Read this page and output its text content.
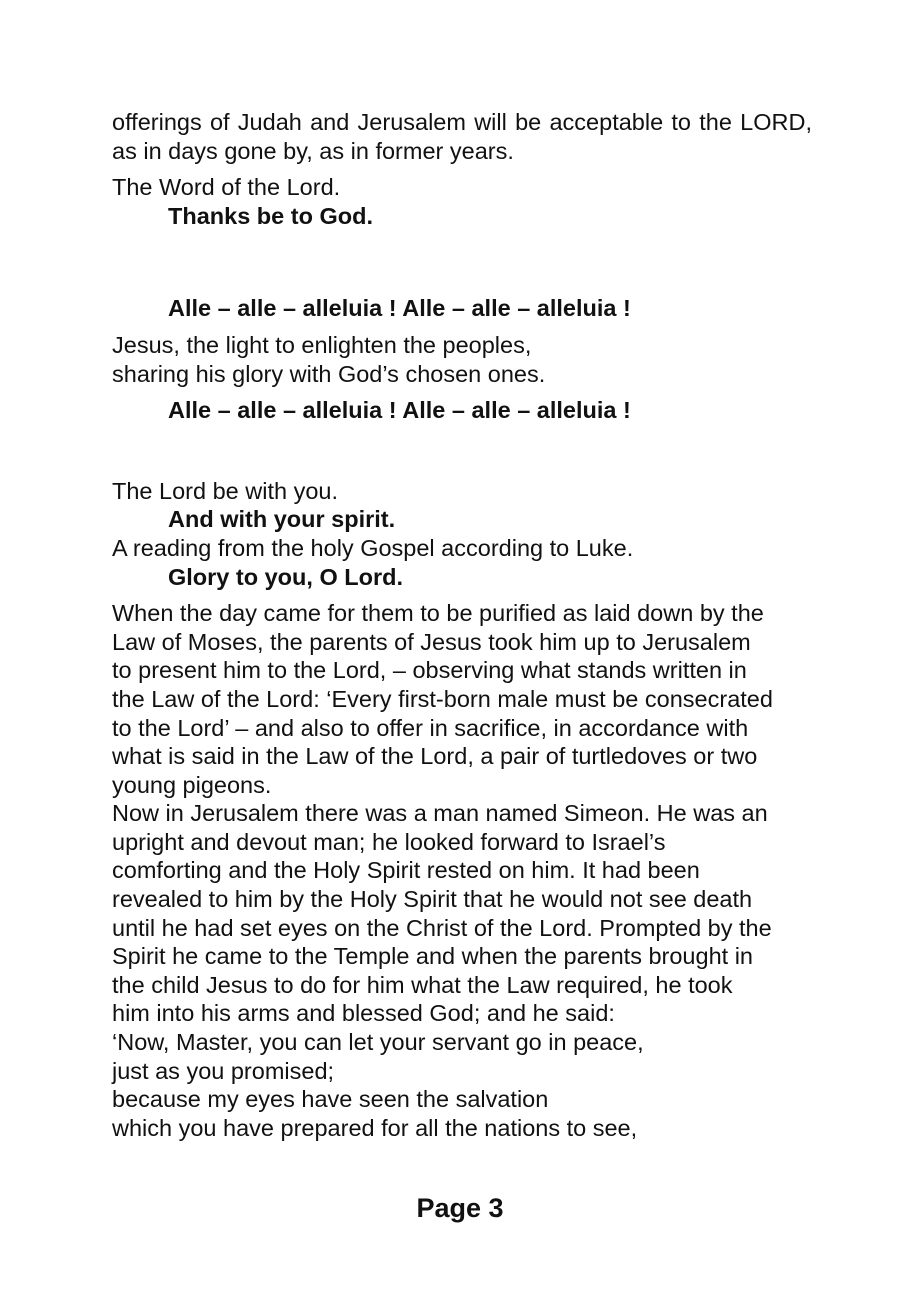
offerings of Judah and Jerusalem will be acceptable to the LORD, as in days gone by, as in former years.

The Word of the Lord.

Thanks be to God.

Alle – alle – alleluia ! Alle – alle – alleluia !

Jesus, the light to enlighten the peoples,
sharing his glory with God’s chosen ones.

Alle – alle – alleluia ! Alle – alle – alleluia !

The Lord be with you.

And with your spirit.

A reading from the holy Gospel according to Luke.

Glory to you, O Lord.

When the day came for them to be purified as laid down by the
Law of Moses, the parents of Jesus took him up to Jerusalem
to present him to the Lord, – observing what stands written in
the Law of the Lord: ‘Every first-born male must be consecrated
to the Lord’ – and also to offer in sacrifice, in accordance with
what is said in the Law of the Lord, a pair of turtledoves or two
young pigeons.
Now in Jerusalem there was a man named Simeon. He was an
upright and devout man; he looked forward to Israel’s
comforting and the Holy Spirit rested on him. It had been
revealed to him by the Holy Spirit that he would not see death
until he had set eyes on the Christ of the Lord. Prompted by the
Spirit he came to the Temple and when the parents brought in
the child Jesus to do for him what the Law required, he took
him into his arms and blessed God; and he said:
‘Now, Master, you can let your servant go in peace,
just as you promised;
because my eyes have seen the salvation
which you have prepared for all the nations to see,
Page 3
